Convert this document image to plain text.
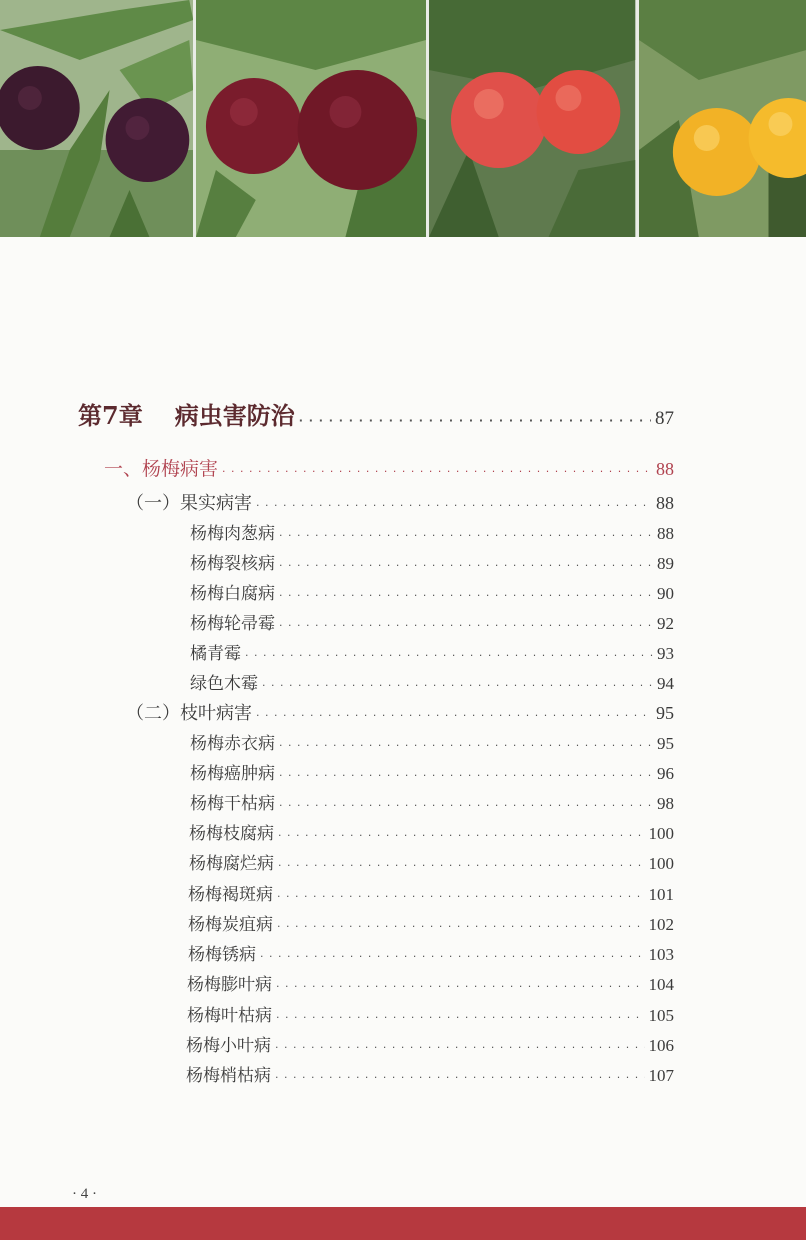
第7章 病虫害防治 · · ·	87
一、杨梅病害 · · ·	88
（一）果实病害 · · ·	88
杨梅肉葱病 · · ·	88
杨梅裂核病 · · ·	89
杨梅白腐病 · · ·	90
杨梅轮帚霉 · · ·	92
橘青霉 · · ·	93
绿色木霉 · · ·	94
（二）枝叶病害 · · ·	95
杨梅赤衣病 · · ·	95
杨梅癌肿病 · · ·	96
杨梅干枯病 · · ·	98
杨梅枝腐病 · · ·	100
杨梅腐烂病 · · ·	100
杨梅褐斑病 · · ·	101
杨梅炭疽病 · · ·	102
杨梅锈病 · · ·	103
杨梅膨叶病 · · ·	104
杨梅叶枯病 · · ·	105
杨梅小叶病 · · ·	106
杨梅梢枯病 · · ·	107
· 4 ·
